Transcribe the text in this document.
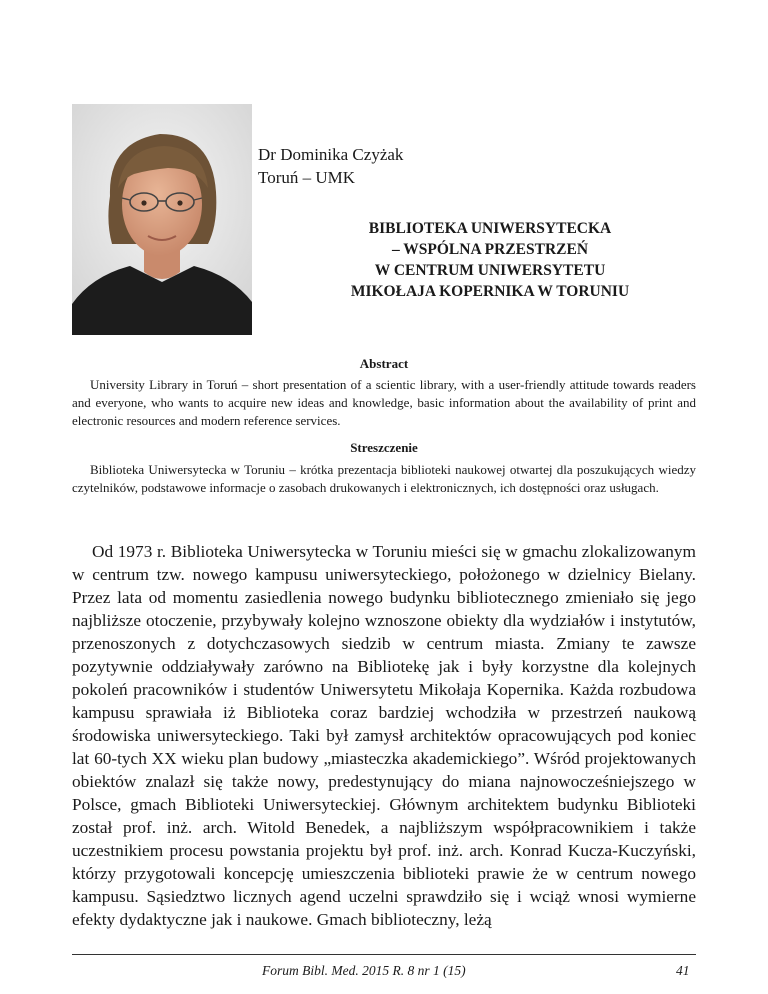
Dr Dominika Czyżak
Toruń – UMK
BIBLIOTEKA UNIWERSYTECKA
– WSPÓLNA PRZESTRZEŃ
W CENTRUM UNIWERSYTETU
MIKOŁAJA KOPERNIKA W TORUNIU
Abstract
University Library in Toruń – short presentation of a scientic library, with a user-friendly attitude towards readers and everyone, who wants to acquire new ideas and knowledge, basic information about the availability of print and electronic resources and modern reference services.
Streszczenie
Biblioteka Uniwersytecka w Toruniu – krótka prezentacja biblioteki naukowej otwartej dla poszukujących wiedzy czytelników, podstawowe informacje o zasobach drukowanych i elektronicznych, ich dostępności oraz usługach.
Od 1973 r. Biblioteka Uniwersytecka w Toruniu mieści się w gmachu zlokalizowanym w centrum tzw. nowego kampusu uniwersyteckiego, położonego w dzielnicy Bielany. Przez lata od momentu zasiedlenia nowego budynku bibliotecznego zmieniało się jego najbliższe otoczenie, przybywały kolejno wznoszone obiekty dla wydziałów i instytutów, przenoszonych z dotychczasowych siedzib w centrum miasta. Zmiany te zawsze pozytywnie oddziaływały zarówno na Bibliotekę jak i były korzystne dla kolejnych pokoleń pracowników i studentów Uniwersytetu Mikołaja Kopernika. Każda rozbudowa kampusu sprawiała iż Biblioteka coraz bardziej wchodziła w przestrzeń naukową środowiska uniwersyteckiego. Taki był zamysł architektów opracowujących pod koniec lat 60-tych XX wieku plan budowy „miasteczka akademickiego”. Wśród projektowanych obiektów znalazł się także nowy, predestynujący do miana najnowocześniejszego w Polsce, gmach Biblioteki Uniwersyteckiej. Głównym architektem budynku Biblioteki został prof. inż. arch. Witold Benedek, a najbliższym współpracownikiem i także uczestnikiem procesu powstania projektu był prof. inż. arch. Konrad Kucza-Kuczyński, którzy przygotowali koncepcję umieszczenia biblioteki prawie że w centrum nowego kampusu. Sąsiedztwo licznych agend uczelni sprawdziło się i wciąż wnosi wymierne efekty dydaktyczne jak i naukowe. Gmach biblioteczny, leżą
Forum Bibl. Med. 2015 R. 8 nr 1 (15)	41
